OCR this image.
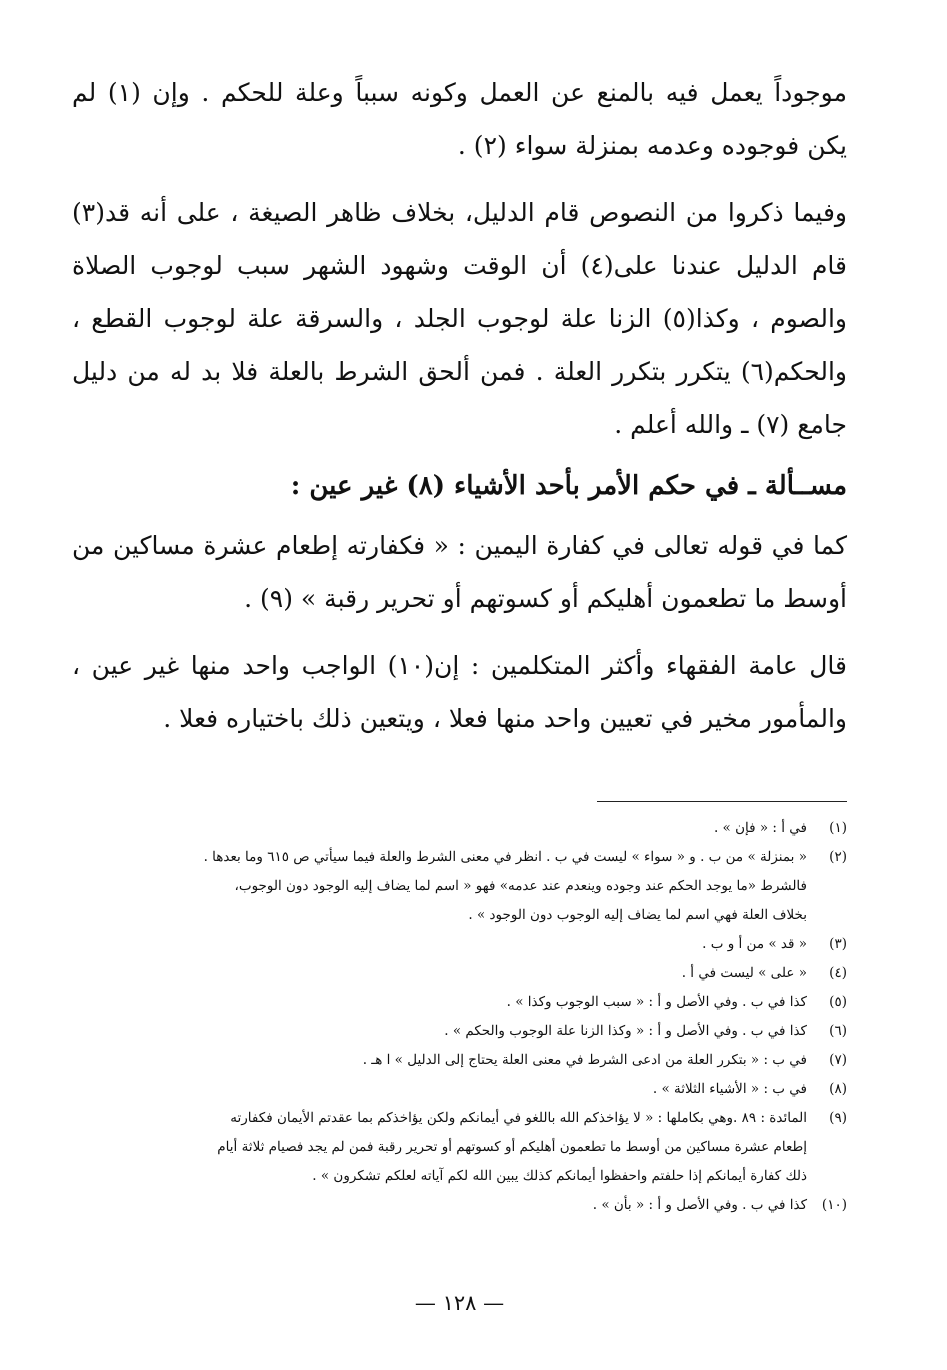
موجوداً يعمل فيه بالمنع عن العمل وكونه سبباً وعلة للحكم . وإن (١) لم يكن فوجوده وعدمه بمنزلة سواء (٢) .

وفيما ذكروا من النصوص قام الدليل، بخلاف ظاهر الصيغة ، على أنه قد(٣) قام الدليل عندنا على(٤) أن الوقت وشهود الشهر سبب لوجوب الصلاة والصوم ، وكذا(٥) الزنا علة لوجوب الجلد ، والسرقة علة لوجوب القطع ، والحكم(٦) يتكرر بتكرر العلة . فمن ألحق الشرط بالعلة فلا بد له من دليل جامع (٧) ـ والله أعلم .

مســألة ـ في حكم الأمر بأحد الأشياء (٨) غير عين :

كما في قوله تعالى في كفارة اليمين : « فكفارته إطعام عشرة مساكين من أوسط ما تطعمون أهليكم أو كسوتهم أو تحرير رقبة » (٩) .

قال عامة الفقهاء وأكثر المتكلمين : إن(١٠) الواجب واحد منها غير عين ، والمأمور مخير في تعيين واحد منها فعلا ، ويتعين ذلك باختياره فعلا .

(١)
في أ : « فإن » .
(٢)
« بمنزلة » من ب . و « سواء » ليست في ب . انظر في معنى الشرط والعلة فيما سيأتي ص ٦١٥ وما بعدها .
فالشرط «ما يوجد الحكم عند وجوده وينعدم عند عدمه» فهو « اسم لما يضاف إليه الوجود دون الوجوب،
بخلاف العلة فهي اسم لما يضاف إليه الوجوب دون الوجود » .
(٣)
« قد » من أ و ب .
(٤)
« على » ليست في أ .
(٥)
كذا في ب . وفي الأصل و أ : « سبب الوجوب وكذا » .
(٦)
كذا في ب . وفي الأصل و أ : « وكذا الزنا علة الوجوب والحكم » .
(٧)
في ب : « بتكرر العلة من ادعى الشرط في معنى العلة يحتاج إلى الدليل » ا هـ .
(٨)
في ب : « الأشياء الثلاثة » .
(٩)
المائدة : ٨٩ .وهي بكاملها : « لا يؤاخذكم الله باللغو في أيمانكم ولكن يؤاخذكم بما عقدتم الأيمان فكفارته
إطعام عشرة مساكين من أوسط ما تطعمون أهليكم أو كسوتهم أو تحرير رقبة فمن لم يجد فصيام ثلاثة أيام
ذلك كفارة أيمانكم إذا حلفتم واحفظوا أيمانكم كذلك يبين الله لكم آياته لعلكم تشكرون » .
(١٠)
كذا في ب . وفي الأصل و أ : « بأن » .
— ١٢٨ —
